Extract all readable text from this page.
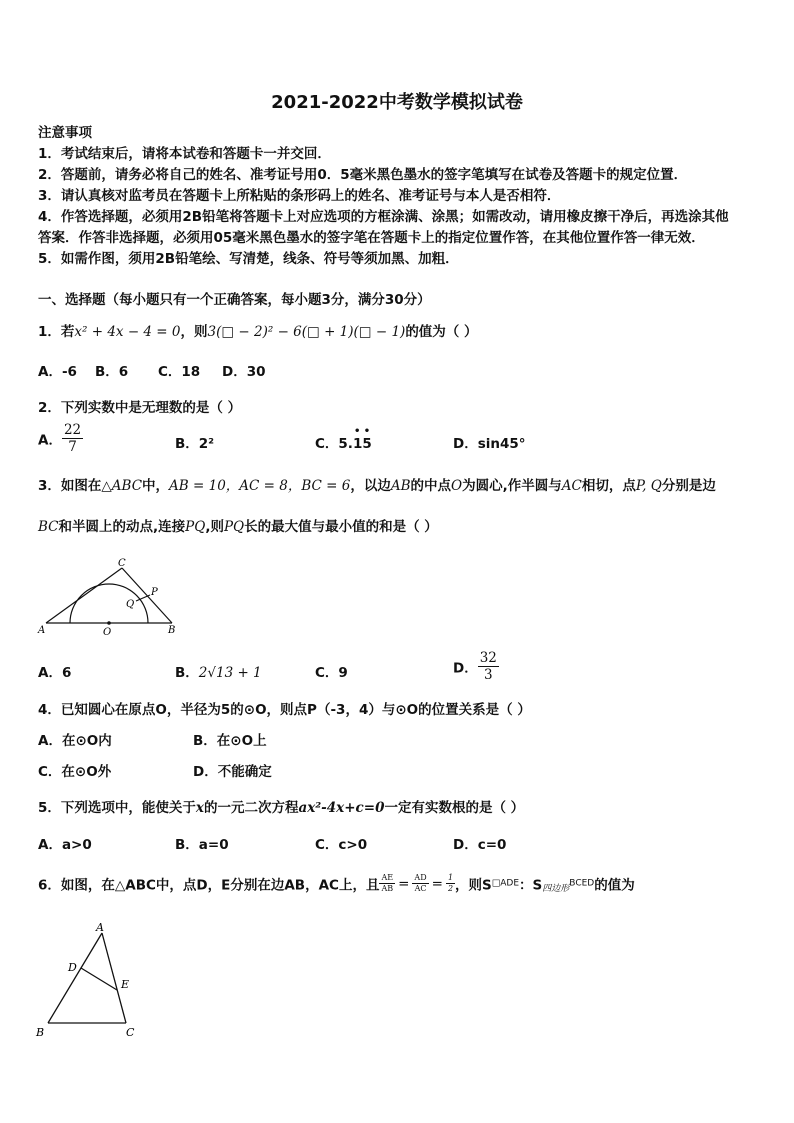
2021-2022中考数学模拟试卷
注意事项
1．考试结束后，请将本试卷和答题卡一并交回．
2．答题前，请务必将自己的姓名、准考证号用0．5毫米黑色墨水的签字笔填写在试卷及答题卡的规定位置．
3．请认真核对监考员在答题卡上所粘贴的条形码上的姓名、准考证号与本人是否相符．
4．作答选择题，必须用2B铅笔将答题卡上对应选项的方框涂满、涂黑；如需改动，请用橡皮擦干净后，再选涂其他
答案．作答非选择题，必须用05毫米黑色墨水的签字笔在答题卡上的指定位置作答，在其他位置作答一律无效．
5．如需作图，须用2B铅笔绘、写清楚，线条、符号等须加黑、加粗．
一、选择题（每小题只有一个正确答案，每小题3分，满分30分）
1．若x² + 4x − 4 = 0，则3(□ − 2)² − 6(□ + 1)(□ − 1)的值为（ ）
A．-6 B．6 C．18 D．30
2．下列实数中是无理数的是（ ）
A． $\frac{22}{7}$	B．2²	C．5.
• •
15	D．sin45°
3．如图在△ABC中，AB = 10，AC = 8，BC = 6，以边AB的中点O为圆心,作半圆与AC相切，点P, Q分别是边
BC和半圆上的动点,连接PQ,则PQ长的最大值与最小值的和是（ ）
A	B
C
O
P
Q
A．6	B．2√13 + 1	C．9	D． $\frac{32}{3}$
4．已知圆心在原点O，半径为5的⊙O，则点P（-3，4）与⊙O的位置关系是（ ）
A．在⊙O内	B．在⊙O上
C．在⊙O外	D．不能确定
5．下列选项中，能使关于x的一元二次方程ax²-4x+c=0一定有实数根的是（ ）
A．a>0	B．a=0	C．c>0	D．c=0
6．如图，在△ABC中，点D，E分别在边AB，AC上，且 $\frac{AE}{AB} = \frac{AD}{AC} = \frac{1}{2}$ ，则S□ADE：$S_{四边形}BCED$的值为
A
D
E
B	C
